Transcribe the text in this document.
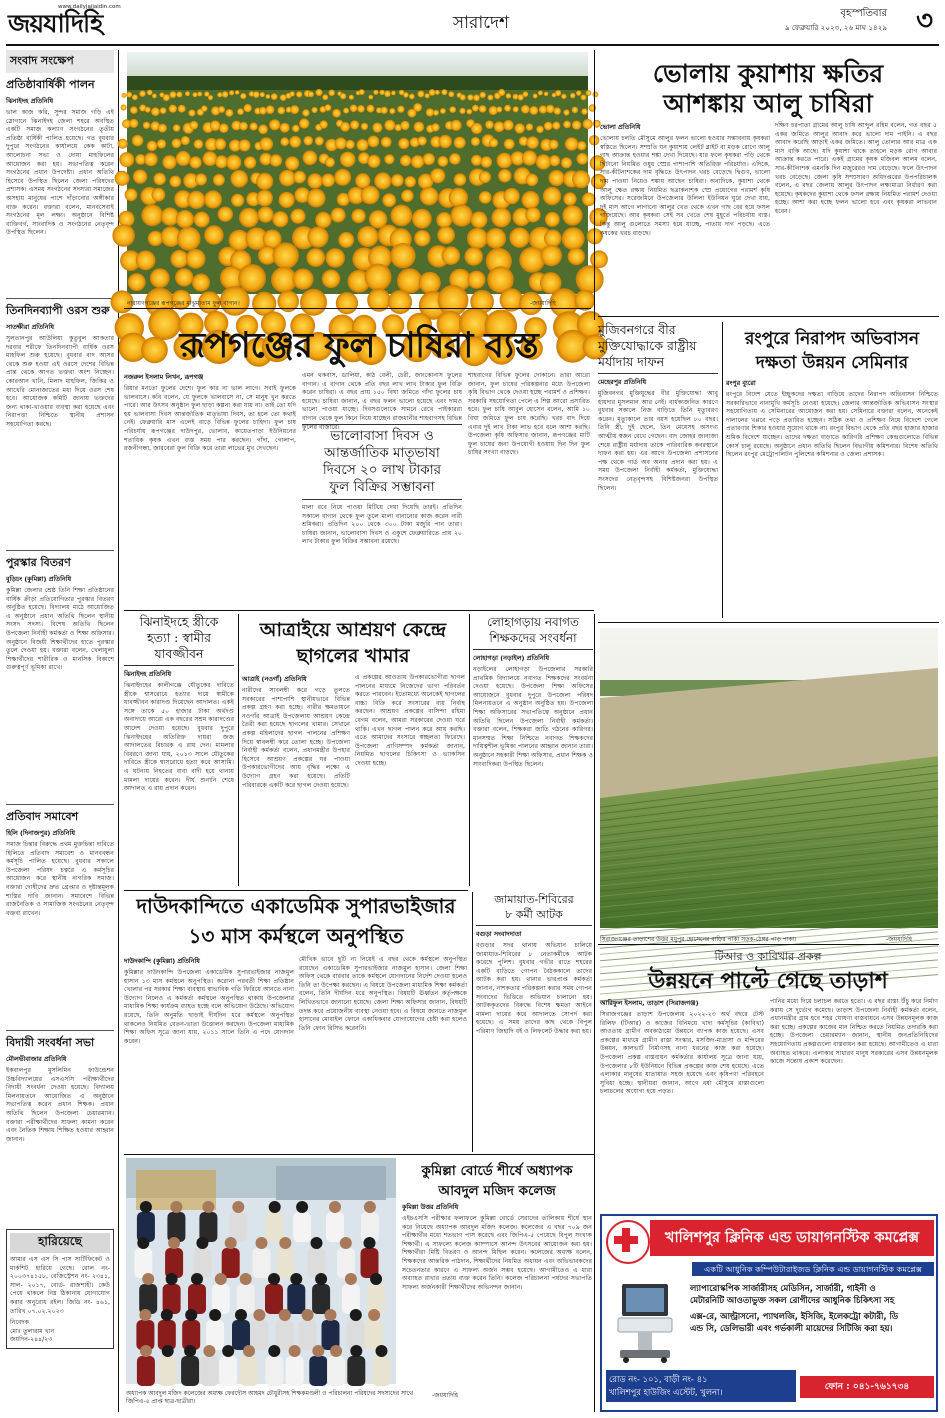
জয়যাদিহি
www.dailyjaijaidin.com
সারাদেশ	বৃহস্পতিবার
৯ ফেব্রুয়ারি ২০২৩, ২৬ মাঘ ১৪২৯ ৩
সংবাদ সংক্ষেপ
প্রতিষ্ঠাবার্ষিকী পালন
ঝিনাইদহ প্রতিনিধি
ভাল কাজ করি, সুন্দর সমাজ গড়ি এই স্লোগানে ঝিনাইদহ জেলা শহরে অবস্থিত একটি সমাজ কল্যাণ সংগঠনের তৃতীয় প্রতিষ্ঠা বার্ষিকী পালিত হয়েছে। গত বুধবার দুপুরে সংগঠনের কার্যালয়ে কেক কাটা, আলোচনা সভা ও দোয়া মাহফিলের আয়োজন করা হয়। সভাপতিত্ব করেন সংগঠনের প্রধান উপদেষ্টা। প্রধান অতিথি হিসেবে উপস্থিত ছিলেন জেলা পরিষদের প্রশাসক। এসময় সংগঠনের সদস্যরা সমাজের অসহায় মানুষের পাশে দাঁড়ানোর অঙ্গীকার ব্যক্ত করেন। বক্তারা বলেন, মানবসেবাই সংগঠনের মূল লক্ষ্য। অনুষ্ঠানে বিশিষ্ট ব্যক্তিবর্গ, সাংবাদিক ও সংগঠনের নেতৃবৃন্দ উপস্থিত ছিলেন।
তিনদিনব্যাপী ওরস শুরু
সাতক্ষীরা প্রতিনিধি
সুলতানপুর আউলিয়া কুতুবুল আকতার দরবার শরীফে তিনদিনব্যাপী বার্ষিক ওরস মাহফিল শুরু হয়েছে। বুধবার বাদ আসর থেকে শুরু হওয়া এই ওরসে দেশের বিভিন্ন প্রান্ত থেকে আগত ভক্তরা অংশ নিচ্ছেন। কোরআন খানি, মিলাদ মাহফিল, জিকির ও আখেরি মোনাজাতের মধ্য দিয়ে ওরস শেষ হবে। আয়োজক কমিটি জানায় ভক্তদের জন্য থাকা-খাওয়ার ব্যবস্থা করা হয়েছে এবং নিরাপত্তা নিশ্চিতে স্থানীয় প্রশাসন সহযোগিতা করছে।
পুরস্কার বিতরণ
বুড়িচং (কুমিল্লা) প্রতিনিধি
কুমিল্লা জেলার শ্রেষ্ঠ তিনি শিক্ষা প্রতিষ্ঠানের বার্ষিক ক্রীড়া প্রতিযোগিতার পুরস্কার বিতরণ অনুষ্ঠিত হয়েছে। বিদ্যালয় মাঠে আয়োজিত এ অনুষ্ঠানে প্রধান অতিথি ছিলেন স্থানীয় সংসদ সদস্য। বিশেষ অতিথি ছিলেন উপজেলা নির্বাহী কর্মকর্তা ও শিক্ষা অফিসার। অনুষ্ঠানে বিজয়ী শিক্ষার্থীদের হাতে পুরস্কার তুলে দেওয়া হয়। বক্তারা বলেন, খেলাধুলা শিক্ষার্থীদের শারীরিক ও মানসিক বিকাশে গুরুত্বপূর্ণ ভূমিকা রাখে।
প্রতিবাদ সমাবেশ
হিলি (দিনাজপুর) প্রতিনিধি
সমাজ চিন্তার বিরুদ্ধে প্রথম মুক্তচিন্তা দাবিতে হিলিতে প্রতিবাদ সমাবেশ ও মানববন্ধন কর্মসূচি পালিত হয়েছে। বুধবার সকালে উপজেলা পরিষদ চত্বরে এ কর্মসূচির আয়োজন করে স্থানীয় নাগরিক সমাজ। বক্তারা দোষীদের দ্রুত গ্রেপ্তার ও দৃষ্টান্তমূলক শাস্তির দাবি জানান। সমাবেশে বিভিন্ন রাজনৈতিক ও সামাজিক সংগঠনের নেতৃবৃন্দ বক্তব্য রাখেন।
বিদায়ী সংবর্ধনা সভা
মৌলভীবাজার প্রতিনিধি
ইকবালপুর মুসলিমিন ফাউন্ডেশন উচ্চবিদ্যালয়ের এসএসসি পরীক্ষার্থীদের বিদায়ী সংবর্ধনা দেওয়া হয়েছে। বিদ্যালয় মিলনায়তনে আয়োজিত এ অনুষ্ঠানে সভাপতিত্ব করেন প্রধান শিক্ষক। প্রধান অতিথি ছিলেন উপজেলা চেয়ারম্যান। বক্তারা পরীক্ষার্থীদের সাফল্য কামনা করেন এবং নৈতিক শিক্ষায় শিক্ষিত হওয়ার আহ্বান জানান।
হারিয়েছে
আমার এস এস সি পাস সার্টিফিকেট ও মার্কশিট হারিয়ে গেছে। রোল নং- ২০০৩৭৪১৫৮, রেজিস্ট্রেশন নং- ২৩৪১, সাল- ২০১৭, বোর্ড- রাজশাহী। কেউ পেয়ে থাকলে নিম্ন ঠিকানায় যোগাযোগ করার অনুরোধ রইল। জিডি নং- ৪৬১, তারিখ ০৭.০২.২০২৩
নিবেদক
মোঃ তুলারাম খান
জয়দিন-২৪৪/২৩
নারায়ণগঞ্জের রূপগঞ্জের মাঝুমাতাম ফুল বাগান।	-জয়যাদিহি
ভোলায় কুয়াশায় ক্ষতির
আশঙ্কায় আলু চাষিরা
ভোলা প্রতিনিধি
ভোলায় চলতি মৌসুমে আলুর ফলন ভালো হওয়ার সম্ভাবনায় কৃষকরা স্বস্তিতে ছিলেন। সম্প্রতি ঘন কুয়াশায় লেইট ব্লাইট বা মড়ক রোগে আলু গাছ আক্রান্ত হওয়ার শঙ্কা দেখা দিয়েছে। যার ফলে কৃষকরা পড়ি থেকে ছিটানো নিয়মিত ওষুধ স্প্রের পাশাপাশি অতিরিক্ত পরিচর্যাও। এদিকে, সার-কীটনাশকের দাম বৃদ্ধিতে উৎপাদন খরচ বেড়েছে দ্বিগুণ, ভালো দাম পাওয়া নিয়েও শঙ্কায় আছেন চাষিরা। অন্যদিকে, কুয়াশা থেকে আলু ক্ষেত রক্ষায় নিয়মিত ছত্রাকনাশক স্প্রে প্রয়োগের পরামর্শ কৃষি অফিসের। সরেজমিনে উপজেলার উলিলা ইউনিয়ন ঘুরে দেখা যায়, দুই মাস আগে লাগানো আলুর খেত থেকে এখন গাছ বের হয়ে ফসল গজিয়েছে। আর কৃষকরা সেই সব খেতে শেষ মুহূর্তে পরিচর্যায় ব্যস্ত। কিন্তু আলু গুলোতে সমস্যা হয়ে যাচ্ছে, পাতায় দাগ পড়ছে। এতে কৃষকের খরচ বাড়ছে।
দক্ষিণ চরপাতা গ্রামের আলু চাষি আব্দুল রহিম বলেন, গত বছর ৫ একর জমিতে আলুর আবাদ করে ভালো দাম পাইনি। এ বছর আবাদ করেছি আড়াই একর জমিতে। আলু তোলার আর মাত্র এক মাস বাকি আছে। যদি কুয়াশা থাকে তাহলে মড়ক রোগ আবার আক্রান্ত করতে পারে। একই গ্রামের কৃষক মজিবল আলম বলেন, সার-কীটনাশক এমনকি দিন মজুরেরও দাম বেড়েছে। ফলে উৎপাদন খরচ বেড়েছে। জেলা কৃষি সম্প্রসারণ অধিদপ্তরের উপপরিচালক বলেন, এ বছর জেলায় আলুর উৎপাদন লক্ষ্যমাত্রা নির্ধারণ করা হয়েছে। কৃষকদের কুয়াশা থেকে ফসল রক্ষায় নিয়মিত পরামর্শ দেওয়া হচ্ছে। আশা করা হচ্ছে ফলন ভালো হবে এবং কৃষকরা লাভবান হবেন।
রূপগঞ্জের ফুল চাষিরা ব্যস্ত
নজরুল ইসলাম লিখন, রূপগঞ্জ
রিয়ার মনতো ফুলের দেশে। ফুল কার না ভাল লাগে। সবাই ফুলকে ভালবাসে। কবি বলেন, যে ফুলকে ভালবাসে না, সে মানুষ খুন করতে পারে। আর উৎসব অনুষ্ঠান ফুল ছাড়া কল্পনা করা যায় না। তাই তো যদি হয় ভালবাসা দিবস আন্তর্জাতিক মাতৃভাষা দিবস, তা হলে তো কথাই নেই। ফেব্রুয়ারি মাস এলেই বাড়ে বিভিন্ন ফুলের চাহিদা। ফুল চাষ পরিচর্যায় রূপগঞ্জের দাউদপুর, ভোলাব, কায়েতপাড়া ইউনিয়নের শতাধিক কৃষক এখন ব্যস্ত সময় পার করছেন। গাঁদা, গোলাপ, রজনীগন্ধা, জারবেরা ফুল বিক্রি করে তারা লাভের মুখ দেখছেন।
এমন থকবাস, ডালিয়া, কাঠ বেলী, চেরী, জাংকোনাস ফুলের বাগান। এ বাগান থেকে প্রতি বছর লাখ লাখ টাকার ফুল বিক্রি করেন চাষিরা। এ বছর প্রায় ১৫০ বিঘা জমিতে গাঁদা ফুলের চাষ হয়েছে। চাষিরা জানান, এ বছর ফলন ভালো হয়েছে এবং দামও ভালো পাওয়া যাচ্ছে। দিবসগুলোকে সামনে রেখে পাইকাররা বাগান থেকে ফুল কিনে নিয়ে যাচ্ছেন রাজধানীর শাহবাগসহ বিভিন্ন ফুলের বাজারে।
ভালোবাসা দিবস ও
আন্তর্জাতিক মাতৃভাষা
দিবসে ২০ লাখ টাকার
ফুল বিক্রির সম্ভাবনা
মালা রবে নিয়ে পাওয়া মিটিয়ে দেয়া দিয়েছি তারই। প্রতিদিন সকালে বাগান থেকে ফুল তুলে মালা বানানোর কাজ করেন নারী শ্রমিকরা। প্রতিদিন ২০০ থেকে ৩০০ টাকা মজুরি পান তারা। চাষিরা জানান, ভালোবাসা দিবস ও একুশে ফেব্রুয়ারিতে প্রায় ২০ লাখ টাকার ফুল বিক্রির সম্ভাবনা রয়েছে।
শাহবাগের বিভিন্ন ফুলের দোকানে। তারা আরো জানান, ফুল চাষের পরিকল্পনার মধ্যে উপজেলা কৃষি বিভাগ থেকে দেওয়া হচ্ছে পরামর্শ ও প্রশিক্ষণ। সরকারি সহযোগিতা পেলে এ শিল্প আরো প্রসারিত হবে। ফুল চাষি আবুল হোসেন বলেন, আমি ১০ বিঘা জমিতে ফুল চাষ করেছি। খরচ বাদ দিয়ে এবার দুই লাখ টাকা লাভ হবে বলে আশা করছি। উপজেলা কৃষি অফিসার জানান, রূপগঞ্জের মাটি ফুল চাষের জন্য উপযোগী হওয়ায় দিন দিন ফুল চাষির সংখ্যা বাড়ছে।
মুজিবনগরে বীর
মুক্তিযোদ্ধাকে রাষ্ট্রীয়
মর্যাদায় দাফন
মেহেরপুর প্রতিনিধি
মুজিবনগর মুক্তিযুদ্ধের বীর মুক্তিযোদ্ধা আবু হায়দার মুসলমান আর নেই। বার্ধক্যজনিত কারণে বুধবার সকালে নিজ বাড়িতে তিনি মৃত্যুবরণ করেন। মৃত্যুকালে তার বয়স হয়েছিল ৮০ বছর। তিনি স্ত্রী, দুই ছেলে, তিন মেয়েসহ অসংখ্য আত্মীয় স্বজন রেখে গেছেন। বাদ জোহর জানাজা শেষে রাষ্ট্রীয় মর্যাদায় তাকে পারিবারিক কবরস্থানে দাফন করা হয়। এর আগে উপজেলা প্রশাসনের পক্ষ থেকে গার্ড অব অনার প্রদান করা হয়। এ সময় উপজেলা নির্বাহী কর্মকর্তা, মুক্তিযোদ্ধা সংসদের নেতৃবৃন্দসহ বিশিষ্টজনরা উপস্থিত ছিলেন।
রংপুরে নিরাপদ অভিবাসন
দক্ষতা উন্নয়ন সেমিনার
রংপুর ব্যুরো
রংপুরে বিদেশ যেতে ইচ্ছুকদের দক্ষতা বাড়িয়ে তাদের নিরাপদ অভিবাসন নিশ্চিতে সরকারিভাবে নানামুখি কর্মসূচি নেওয়া হয়েছে। জেলার আন্তর্জাতিক অভিবাসন সংস্থার সহযোগিতায় এ সেমিনারের আয়োজন করা হয়। সেমিনারে বক্তারা বলেন, অনেকেই দালালের খপ্পরে পড়ে প্রতারিত হচ্ছেন। সঠিক তথ্য ও প্রশিক্ষণ নিয়ে বিদেশে গেলে প্রতারণার শিকার হওয়ার সুযোগ থাকে না। রংপুর বিভাগ থেকে প্রতি বছর হাজার হাজার শ্রমিক বিদেশে যাচ্ছেন। তাদের দক্ষতা বাড়াতে কারিগরি প্রশিক্ষণ কেন্দ্রগুলোতে বিভিন্ন কোর্স চালু রয়েছে। অনুষ্ঠানে প্রধান অতিথি ছিলেন বিভাগীয় কমিশনার। বিশেষ অতিথি ছিলেন রংপুর মেট্রোপলিটন পুলিশের কমিশনার ও জেলা প্রশাসক।
ঝিনাইদহে স্ত্রীকে
হত্যা : স্বামীর
যাবজ্জীবন
ঝিনাইদহ প্রতিনিধি
ঝিনাইদহের কালীগঞ্জে যৌতুকের দাবিতে স্ত্রীকে শ্বাসরোধে হত্যার দায়ে স্বামীকে যাবজ্জীবন কারাদণ্ড দিয়েছেন আদালত। একই সঙ্গে তাকে ৫০ হাজার টাকা অর্থদণ্ড অনাদায়ে আরো এক বছরের সশ্রম কারাদণ্ডের আদেশ দেওয়া হয়েছে। বুধবার দুপুরে ঝিনাইদহের অতিরিক্ত দায়রা জজ আদালতের বিচারক এ রায় দেন। মামলার বিবরণে জানা যায়, ২০১৩ সালে যৌতুকের দাবিতে স্ত্রীকে শ্বাসরোধে হত্যা করে আসামি। এ ঘটনায় নিহতের বাবা বাদী হয়ে থানায় মামলা দায়ের করেন। দীর্ঘ শুনানি শেষে আদালত এ রায় প্রদান করেন।
আত্রাইয়ে আশ্রয়ণ কেন্দ্রে
ছাগলের খামার
আত্রাই (নওগাঁ) প্রতিনিধি
নারীদের সাবলম্বী করে গড়ে তুলতে সরকারের পাশাপাশি স্থানীয়ভাবে বিভিন্ন প্রকল্প গ্রহণ করা হচ্ছে। নারীর ক্ষমতায়নে নওগাঁর আত্রাই উপজেলায় আশ্রয়ণ কেন্দ্রে তৈরী করা হয়েছে ছাগলের খামার। সেখানে প্রকল্প মহিলাদের ছাগল পালনের প্রশিক্ষণ দিয়ে স্বাবলম্বী করে তোলা হচ্ছে। উপজেলা নির্বাহী কর্মকর্তা বলেন, প্রধানমন্ত্রীর উপহার হিসেবে আশ্রয়ণ প্রকল্পের ঘর পাওয়া উপকারভোগীদের আয় বৃদ্ধির লক্ষ্যে এ উদ্যোগ গ্রহণ করা হয়েছে। প্রতিটি পরিবারকে একটি করে ছাগল দেওয়া হয়েছে।
এ প্রকল্পের আওতায় উপকারভোগীরা ছাগল পালনের মাধ্যমে নিজেদের ভাগ্য পরিবর্তন করতে পারবেন। ইতোমধ্যে অনেকেই ছাগলের বাচ্চা বিক্রি করে সংসারের ব্যয় নির্বাহ করছেন। আশ্রয়ণ প্রকল্পের বাসিন্দা রহিমা বেগম বলেন, আমরা সরকারের দেওয়া ঘরে থাকি। এখন ছাগল পালন করে আয় করছি। এতে আমাদের সংসারে স্বচ্ছলতা ফিরেছে। উপজেলা প্রাণিসম্পদ কর্মকর্তা জানান, নিয়মিত ছাগলের চিকিৎসা ও ভ্যাকসিন দেওয়া হচ্ছে।
লোহাগড়ায় নবাগত
শিক্ষকদের সংবর্ধনা
লোহাগড়া (নড়াইল) প্রতিনিধি
নড়াইলের লোহাগড়া উপজেলার সরকারি প্রাথমিক বিদ্যালয়ে নবাগত শিক্ষকদের সংবর্ধনা দেওয়া হয়েছে। উপজেলা শিক্ষা অফিসের আয়োজনে বুধবার দুপুরে উপজেলা পরিষদ মিলনায়তনে এ অনুষ্ঠান অনুষ্ঠিত হয়। উপজেলা শিক্ষা অফিসারের সভাপতিত্বে অনুষ্ঠানে প্রধান অতিথি ছিলেন উপজেলা নির্বাহী কর্মকর্তা। বক্তারা বলেন, শিক্ষকরা জাতি গঠনের কারিগর। মানসম্মত শিক্ষা নিশ্চিতে নবাগত শিক্ষকদের দায়িত্বশীল ভূমিকা পালনের আহ্বান জানান তারা। অনুষ্ঠানে সহকারী শিক্ষা অফিসার, প্রধান শিক্ষক ও সাংবাদিকরা উপস্থিত ছিলেন।
সিরাজগঞ্জের তাড়াশের উত্তর মধুপুর হোসেনের বাড়ির পাকা সড়ক-ঠেঙ্গর পাড় পাকা।	-জয়যাদিহি
দাউদকান্দিতে একাডেমিক সুপারভাইজার
১৩ মাস কর্মস্থলে অনুপস্থিত
দাউদকান্দি (কুমিল্লা) প্রতিনিধি
কুমিল্লার দাউদকান্দি উপজেলা একাডেমিক সুপারভাইজার নাজমুল হাসান ১৩ মাস কর্মস্থলে অনুপস্থিত। করোনা পরবর্তী শিক্ষা প্রতিষ্ঠান খোলার পর সরকার শিক্ষা ব্যবস্থায় স্বাভাবিক গতি ফিরিয়ে আনতে নানা উদ্যোগ নিলেও এ কর্মকর্তা কর্মস্থলে অনুপস্থিত থাকায় উপজেলার মাধ্যমিক শিক্ষা কার্যক্রম ব্যাহত হচ্ছে বলে অভিযোগ উঠেছে। অভিযোগ রয়েছে, তিনি অনুমতি ছাড়াই দীর্ঘদিন ধরে কর্মস্থলে অনুপস্থিত থাকলেও নিয়মিত বেতন-ভাতা উত্তোলন করছেন। উপজেলা মাধ্যমিক শিক্ষা অফিস সূত্রে জানা যায়, ২০১১ সালে তিনি এ পদে যোগদান করেন।
মৌখিক ভাবে ছুটি না নিয়েই এ বছর থেকে কর্মস্থলে অনুপস্থিত রয়েছেন একাডেমিক সুপারভাইজার নাজমুল হাসান। জেলা শিক্ষা অফিস থেকে বারবার তাকে কর্মস্থলে যোগদানের নির্দেশ দেওয়া হলেও তিনি তা উপেক্ষা করছেন। এ বিষয়ে উপজেলা মাধ্যমিক শিক্ষা কর্মকর্তা বলেন, তিনি দীর্ঘদিন ধরে অনুপস্থিত। বিষয়টি ঊর্ধ্বতন কর্তৃপক্ষকে লিখিতভাবে জানানো হয়েছে। জেলা শিক্ষা অফিসার জানান, বিষয়টি তদন্ত করে প্রয়োজনীয় ব্যবস্থা নেওয়া হবে। এ বিষয়ে জানতে নাজমুল হাসানের মোবাইল ফোনে একাধিকবার যোগাযোগের চেষ্টা করা হলেও তিনি ফোন রিসিভ করেননি।
জামায়াত-শিবিরের
৮ কর্মী আটক
বগুড়া সংবাদদাতা
বগুড়ার সদর থানায় অভিযান চালিয়ে জামায়াত-শিবিরের ৮ নেতাকর্মীকে আটক করেছে পুলিশ। বুধবার গভীর রাতে শহরের একটি বাড়িতে গোপন বৈঠককালে তাদের আটক করা হয়। থানার ভারপ্রাপ্ত কর্মকর্তা জানান, নাশকতার পরিকল্পনা করার সময় গোপন সংবাদের ভিত্তিতে অভিযান চালানো হয়। আটককৃতদের বিরুদ্ধে বিশেষ ক্ষমতা আইনে মামলা দায়ের করে আদালতে সোপর্দ করা হয়েছে। এ সময় তাদের কাছ থেকে বিপুল পরিমাণ জিহাদি বই ও লিফলেট উদ্ধার করা হয়।
অধ্যাপক আবদুল মজিদ কলেজের অধ্যক্ষ ফেরদৌস আহমদ চৌধুরীসহ শিক্ষকমণ্ডলী ও পরিচালনা পরিষদের সদস্যদের সাথে জিপিএ-৫ প্রাপ্ত ছাত্র-ছাত্রীরা।
-জয়যাদিহি
কুমিল্লা বোর্ডে শীর্ষে অধ্যাপক
আবদুল মজিদ কলেজ
কুমিল্লা উত্তর প্রতিনিধি
এইচএসসি পরীক্ষার ফলাফলে কুমিল্লা বোর্ডে সেরাদের তালিকায় শীর্ষে স্থান করে নিয়েছে অধ্যাপক আবদুল মজিদ কলেজ। কলেজের এ বছর ৭০৯ জন পরীক্ষার্থীর মধ্যে শতভাগ পাস করেছে এবং জিপিএ-৫ পেয়েছে বিপুল সংখ্যক শিক্ষার্থী। এ সাফল্যে কলেজ ক্যাম্পাসে আনন্দ উৎসবের আয়োজন করা হয়। শিক্ষার্থীরা মিষ্টি বিতরণ ও আনন্দ মিছিল করেন। কলেজের অধ্যক্ষ বলেন, শিক্ষকদের আন্তরিক পাঠদান, শিক্ষার্থীদের নিয়মিত অধ্যয়ন এবং অভিভাবকদের সচেতনতার কারণে এ সাফল্য অর্জন সম্ভব হয়েছে। আগামীতেও এ ধারা অব্যাহত রাখার প্রত্যয় ব্যক্ত করেন তিনি। কলেজ পরিচালনা পর্ষদের সভাপতি সাফল্য অর্জনকারী শিক্ষার্থীদের অভিনন্দন জানান।
টিআর ও কাবিখার প্রকল্প
উন্নয়নে পাল্টে গেছে তাড়াশ
আরিফুল ইসলাম, তাড়াশ (সিরাজগঞ্জ)
সিরাজগঞ্জের তাড়াশ উপজেলায় ২০২২-২৩ অর্থ বছরে টেস্ট রিলিফ (টিআর) ও কাজের বিনিময়ে খাদ্য কর্মসূচির (কাবিখা) আওতায় গ্রামীণ অবকাঠামো উন্নয়নে ব্যাপক কাজ হয়েছে। এসব প্রকল্পের মাধ্যমে গ্রামীণ রাস্তা সংস্কার, মসজিদ-মাদ্রাসা ও মন্দিরের উন্নয়ন, কালভার্ট নির্মাণসহ নানা ধরনের কাজ করা হয়েছে। উপজেলা প্রকল্প বাস্তবায়ন কর্মকর্তার কার্যালয় সূত্রে জানা যায়, উপজেলার ৮টি ইউনিয়নে বিভিন্ন প্রকল্পের কাজ শেষ হয়েছে। এতে এলাকার মানুষের যাতায়াত সহজ হয়েছে এবং কৃষিপণ্য পরিবহনে সুবিধা হচ্ছে। স্থানীয়রা জানান, আগে বর্ষা মৌসুমে রাস্তাগুলো চলাচলের অযোগ্য হয়ে পড়ত।
পানির মধ্যে দিয়ে চলাচল করতে হতো। এ বছর রাস্তা উঁচু করে নির্মাণ করায় সে দুর্ভোগ কমেছে। তাড়াশ উপজেলা নির্বাহী কর্মকর্তা বলেন, প্রধানমন্ত্রীর গ্রাম হবে শহর ঘোষণা বাস্তবায়নে এসব উন্নয়নমূলক কাজ করা হচ্ছে। প্রকল্পের কাজের মান নিশ্চিত করতে নিয়মিত তদারকি করা হচ্ছে। উপজেলা চেয়ারম্যান জানান, স্থানীয় জনপ্রতিনিধিদের সহযোগিতায় প্রকল্পগুলো বাস্তবায়ন করা হয়েছে। আগামীতেও এ ধারা অব্যাহত থাকবে। এলাকার সাধারণ মানুষ সরকারের এসব উন্নয়নমূলক কাজে সন্তোষ প্রকাশ করেছেন।
খালিশপুর ক্লিনিক এন্ড ডায়াগনস্টিক কমপ্লেক্স
একটি আধুনিক কম্পিউটারাইজড ক্লিনিক এন্ড ডায়াগনস্টিক কমপ্লেক্স
ল্যাপারোস্কপিক সার্জারীসহ মেডিসিন, সার্জারী, গাইনী ও
মেটারনিটি আওতাভুক্ত সকল রোগীদের আধুনিক চিকিৎসা সহ
এক্স-রে, আল্ট্রাসনো, প্যাথলজি, ইসিজি, ইলেকট্রো কটারী, ডি
এন্ড সি, ডেলিভারী এবং গর্ভকালী মায়েদের সিটিজি করা হয়।
রোড নং- ১০১, বাড়ী নং- ৪১
খালিশপুর হাউজিং এস্টেট, খুলনা।	ফোন : ০৪১-৭৬১৭৩৪
